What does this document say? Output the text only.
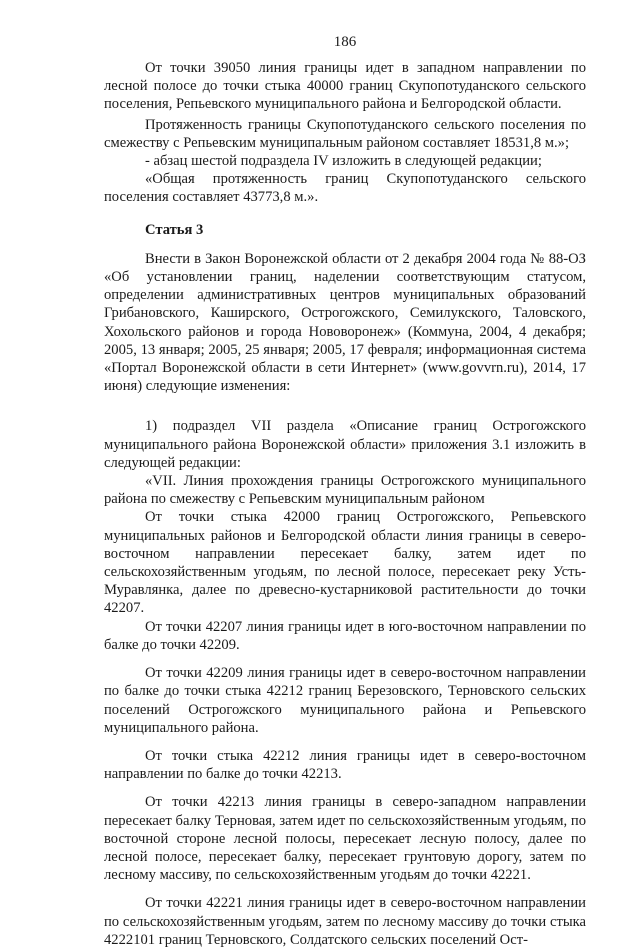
186

От точки 39050 линия границы идет в западном направлении по лесной полосе до точки стыка 40000 границ Скупопотуданского сельского поселения, Репьевского муниципального района и Белгородской области.

Протяженность границы Скупопотуданского сельского поселения по смежеству с Репьевским муниципальным районом составляет 18531,8 м.»;

- абзац шестой подраздела IV изложить в следующей редакции;

«Общая протяженность границ Скупопотуданского сельского поселения составляет 43773,8 м.».

Статья 3

Внести в Закон Воронежской области от 2 декабря 2004 года № 88-ОЗ «Об установлении границ, наделении соответствующим статусом, определении административных центров муниципальных образований Грибановского, Каширского, Острогожского, Семилукского, Таловского, Хохольского районов и города Нововоронеж» (Коммуна, 2004, 4 декабря; 2005, 13 января; 2005, 25 января; 2005, 17 февраля; информационная система «Портал Воронежской области в сети Интернет» (www.govvrn.ru), 2014, 17 июня) следующие изменения:

1) подраздел VII раздела «Описание границ Острогожского муниципального района Воронежской области» приложения 3.1 изложить в следующей редакции:

«VII. Линия прохождения границы Острогожского муниципального района по смежеству с Репьевским муниципальным районом

От точки стыка 42000 границ Острогожского, Репьевского муниципальных районов и Белгородской области линия границы в северо-восточном направлении пересекает балку, затем идет по сельскохозяйственным угодьям, по лесной полосе, пересекает реку Усть-Муравлянка, далее по древесно-кустарниковой растительности до точки 42207.

От точки 42207 линия границы идет в юго-восточном направлении по балке до точки 42209.

От точки 42209 линия границы идет в северо-восточном направлении по балке до точки стыка 42212 границ Березовского, Терновского сельских поселений Острогожского муниципального района и Репьевского муниципального района.

От точки стыка 42212 линия границы идет в северо-восточном направлении по балке до точки 42213.

От точки 42213 линия границы в северо-западном направлении пересекает балку Терновая, затем идет по сельскохозяйственным угодьям, по восточной стороне лесной полосы, пересекает лесную полосу, далее по лесной полосе, пересекает балку, пересекает грунтовую дорогу, затем по лесному массиву, по сельскохозяйственным угодьям до точки 42221.

От точки 42221 линия границы идет в северо-восточном направлении по сельскохозяйственным угодьям, затем по лесному массиву до точки стыка 4222101 границ Терновского, Солдатского сельских поселений Ост-
